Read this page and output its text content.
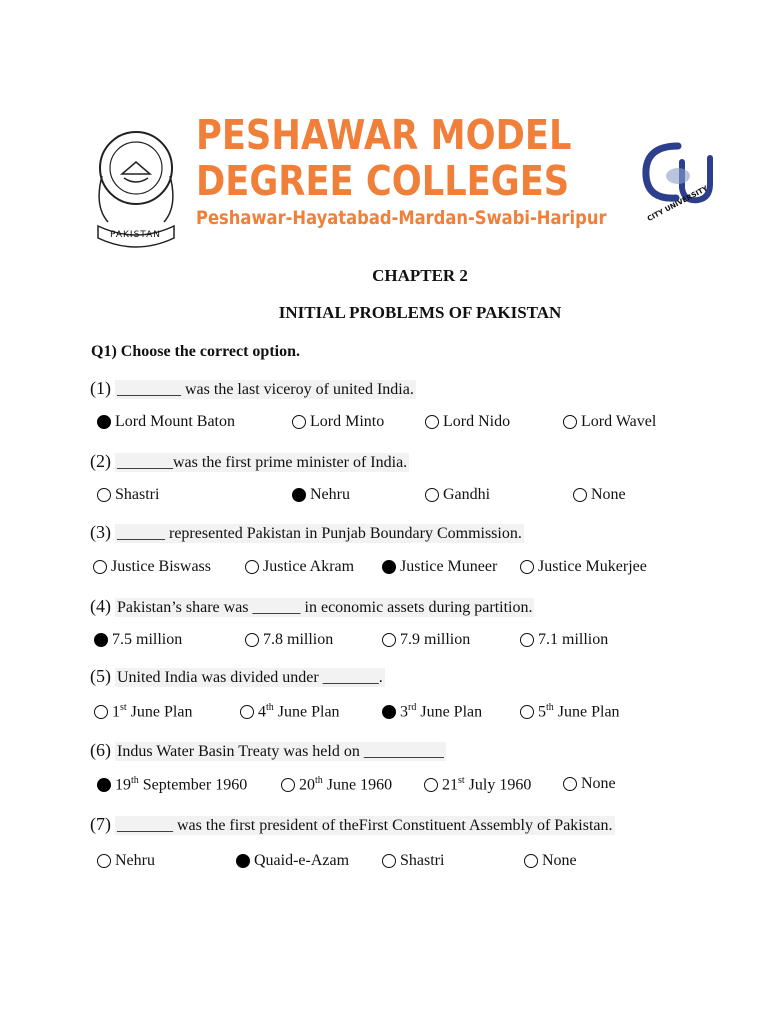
PAKISTAN
PESHAWAR MODEL
DEGREE COLLEGES
Peshawar-Hayatabad-Mardan-Swabi-Haripur	CITY UNIVERSITY
CHAPTER 2
INITIAL PROBLEMS OF PAKISTAN
Q1) Choose the correct option.
(1) ________ was the last viceroy of united India.
Lord Mount Baton	Lord Minto	Lord Nido	Lord Wavel
(2) _______was the first prime minister of India.
Shastri	Nehru	Gandhi	None
(3) ______ represented Pakistan in Punjab Boundary Commission.
Justice Biswass	Justice Akram	Justice Muneer	Justice Mukerjee
(4) Pakistan’s share was ______ in economic assets during partition.
7.5 million	7.8 million	7.9 million	7.1 million
(5) United India was divided under _______.
1st June Plan	4th June Plan	3rd June Plan	5th June Plan
(6) Indus Water Basin Treaty was held on __________
19th September 1960	20th June 1960	21st July 1960	None
(7) _______ was the first president of theFirst Constituent Assembly of Pakistan.
Nehru	Quaid-e-Azam	Shastri	None
